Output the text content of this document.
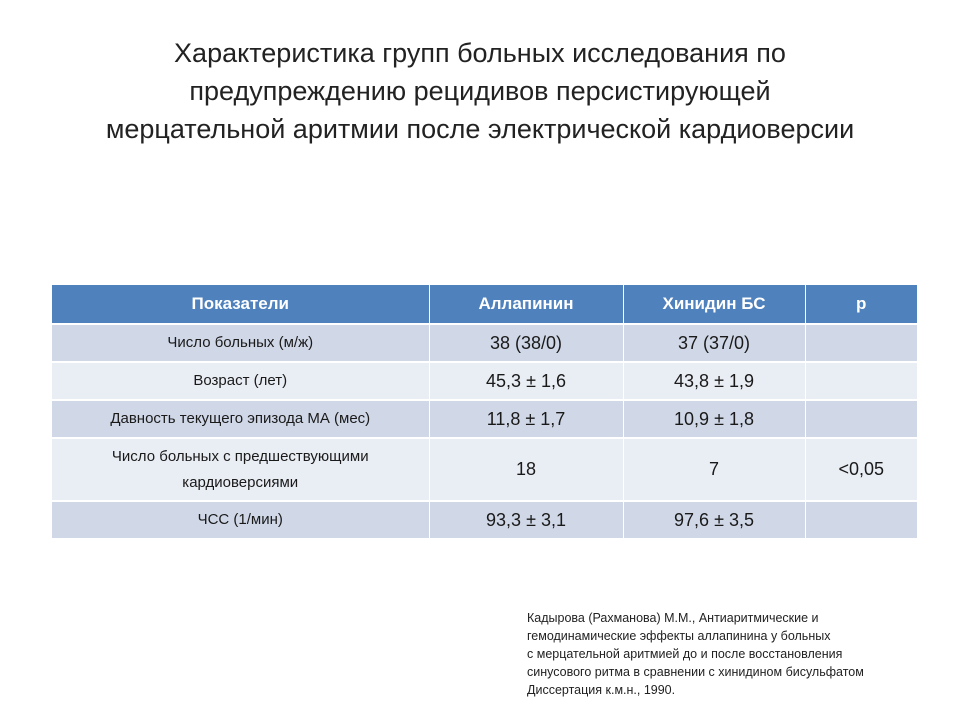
Характеристика групп больных исследования по
предупреждению рецидивов персистирующей
мерцательной аритмии после электрической кардиоверсии
Показатели	Аллапинин	Хинидин БС	p
Число больных (м/ж)	38 (38/0)	37 (37/0)	
Возраст (лет)	45,3 ± 1,6	43,8 ± 1,9	
Давность текущего эпизода МА (мес)	11,8 ± 1,7	10,9 ± 1,8	
Число больных с предшествующими кардиоверсиями	18	7	<0,05
ЧСС (1/мин)	93,3 ± 3,1	97,6 ± 3,5	
Кадырова (Рахманова) М.М., Антиаритмические и
гемодинамические эффекты аллапинина у больных
с мерцательной аритмией до и после восстановления
синусового ритма в сравнении с хинидином бисульфатом
Диссертация к.м.н., 1990.
